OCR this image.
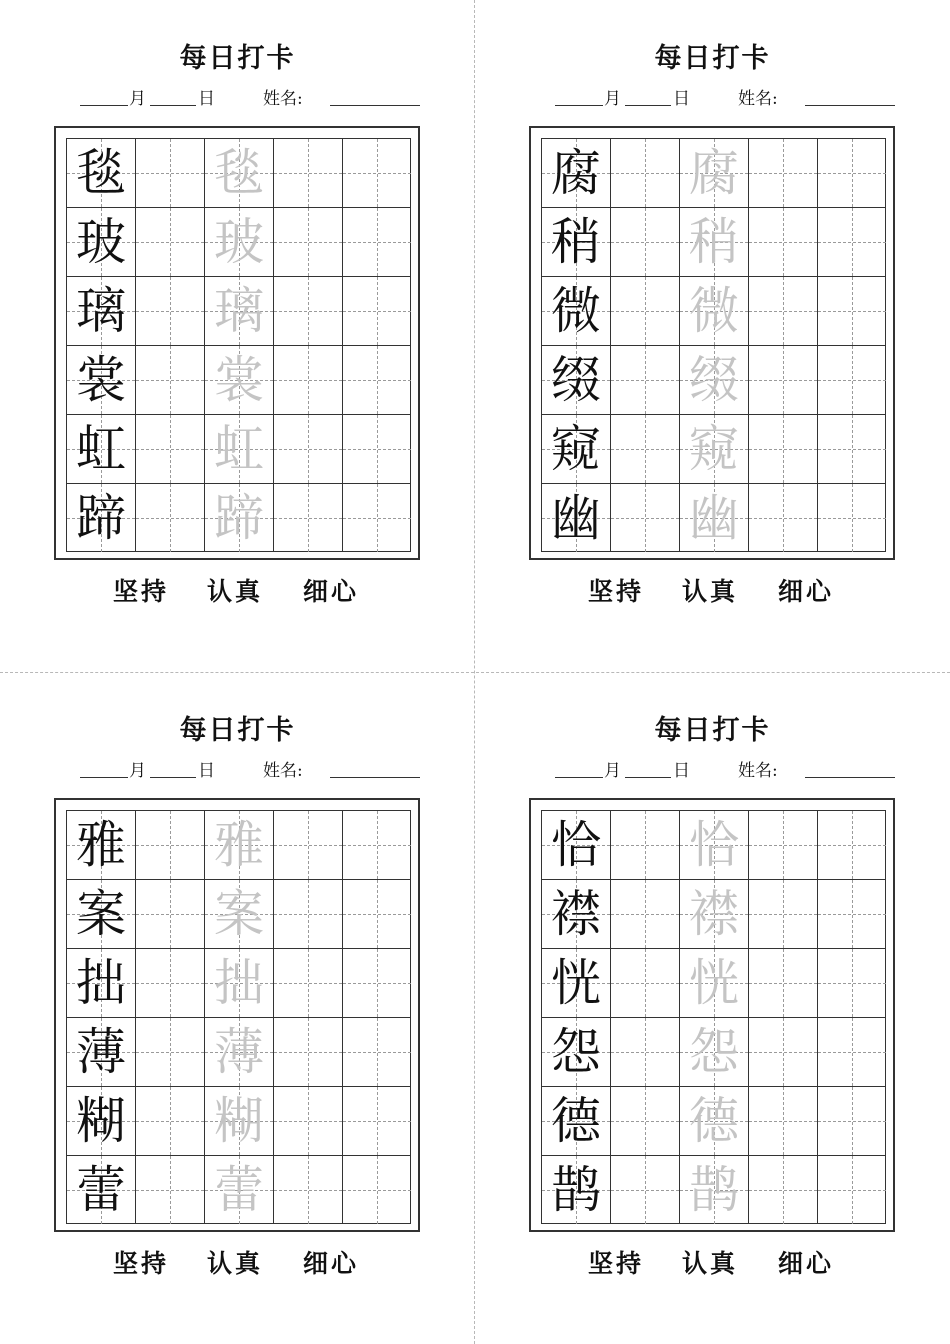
每日打卡
月	日	姓名:
毯 毯
玻 玻
璃 璃
裳 裳
虹 虹
蹄 蹄
坚持 认真 细心
每日打卡
月	日	姓名:
腐 腐
稍 稍
微 微
缀 缀
窥 窥
幽 幽
坚持 认真 细心
每日打卡
月	日	姓名:
雅 雅
案 案
拙 拙
薄 薄
糊 糊
蕾 蕾
坚持 认真 细心
每日打卡
月	日	姓名:
恰 恰
襟 襟
恍 恍
怨 怨
德 德
鹊 鹊
坚持 认真 细心
